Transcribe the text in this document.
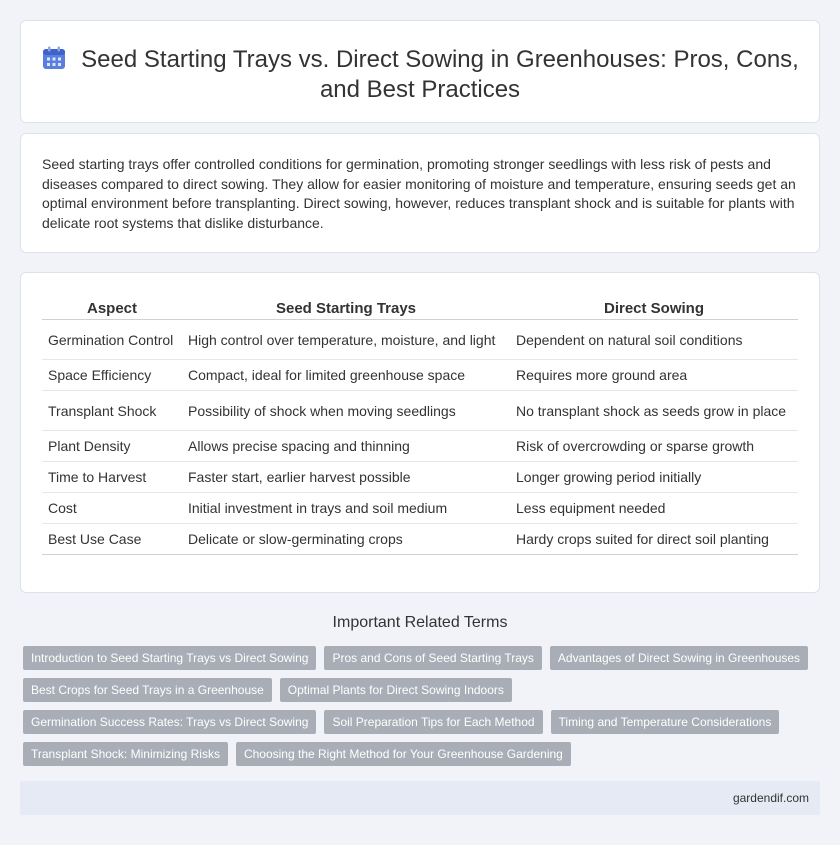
Seed Starting Trays vs. Direct Sowing in Greenhouses: Pros, Cons, and Best Practices

Seed starting trays offer controlled conditions for germination, promoting stronger seedlings with less risk of pests and diseases compared to direct sowing. They allow for easier monitoring of moisture and temperature, ensuring seeds get an optimal environment before transplanting. Direct sowing, however, reduces transplant shock and is suitable for plants with delicate root systems that dislike disturbance.

Aspect	Seed Starting Trays	Direct Sowing
Germination Control	High control over temperature, moisture, and light	Dependent on natural soil conditions
Space Efficiency	Compact, ideal for limited greenhouse space	Requires more ground area
Transplant Shock	Possibility of shock when moving seedlings	No transplant shock as seeds grow in place
Plant Density	Allows precise spacing and thinning	Risk of overcrowding or sparse growth
Time to Harvest	Faster start, earlier harvest possible	Longer growing period initially
Cost	Initial investment in trays and soil medium	Less equipment needed
Best Use Case	Delicate or slow-germinating crops	Hardy crops suited for direct soil planting
Important Related Terms
Introduction to Seed Starting Trays vs Direct Sowing	Pros and Cons of Seed Starting Trays	Advantages of Direct Sowing in Greenhouses
Best Crops for Seed Trays in a Greenhouse	Optimal Plants for Direct Sowing Indoors
Germination Success Rates: Trays vs Direct Sowing	Soil Preparation Tips for Each Method	Timing and Temperature Considerations
Transplant Shock: Minimizing Risks	Choosing the Right Method for Your Greenhouse Gardening
gardendif.com
